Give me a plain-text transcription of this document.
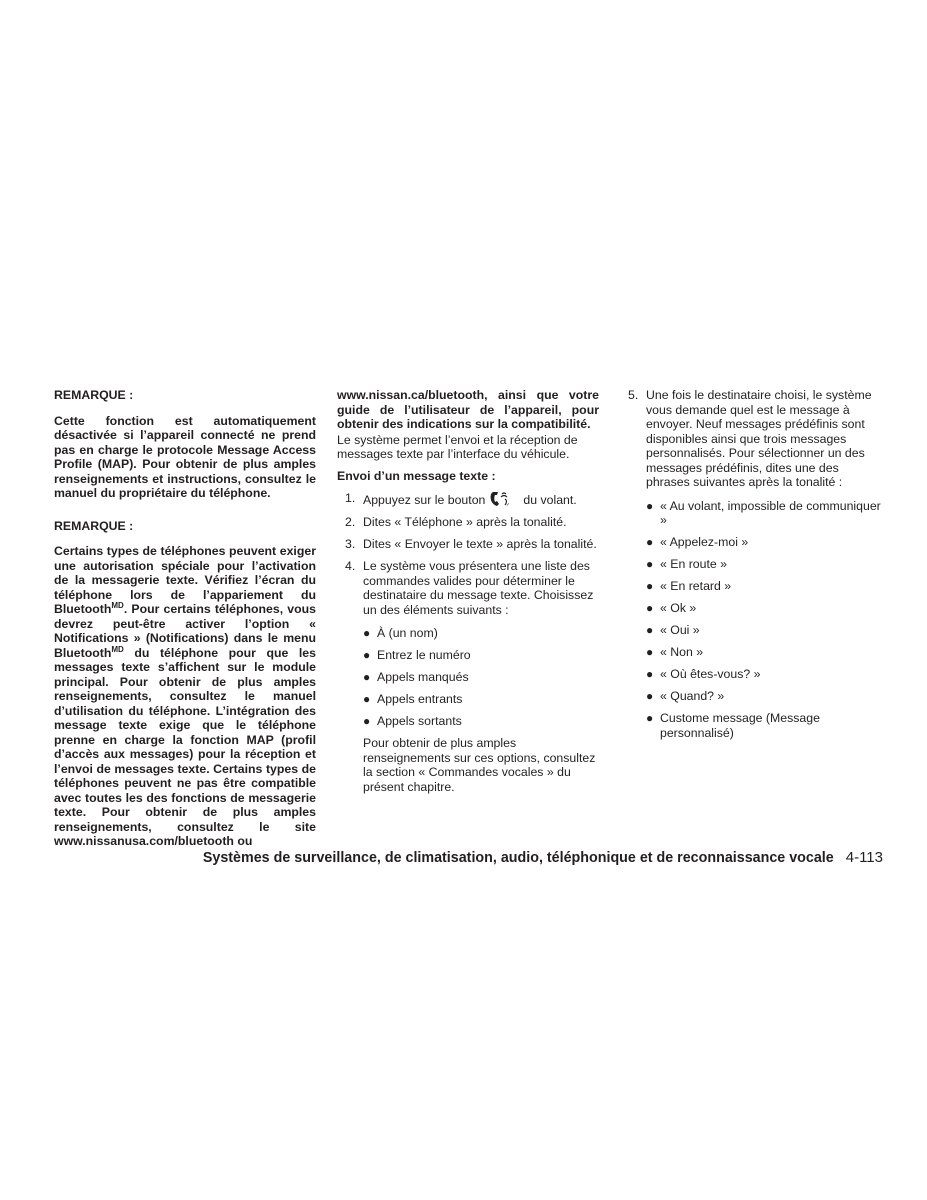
REMARQUE :
Cette fonction est automatiquement désactivée si l’appareil connecté ne prend pas en charge le protocole Message Access Profile (MAP). Pour obtenir de plus amples renseignements et instructions, consultez le manuel du propriétaire du téléphone.
REMARQUE :
Certains types de téléphones peuvent exiger une autorisation spéciale pour l’activation de la messagerie texte. Vérifiez l’écran du téléphone lors de l’appariement du Bluetooth$^{MD}$. Pour certains téléphones, vous devrez peut-être activer l’option « Notifications » (Notifications) dans le menu Bluetooth$^{MD}$ du téléphone pour que les messages texte s’affichent sur le module principal. Pour obtenir de plus amples renseignements, consultez le manuel d’utilisation du téléphone. L’intégration des message texte exige que le téléphone prenne en charge la fonction MAP (profil d’accès aux messages) pour la réception et l’envoi de messages texte. Certains types de téléphones peuvent ne pas être compatible avec toutes les des fonctions de messagerie texte. Pour obtenir de plus amples renseignements, consultez le site www.nissanusa.com/bluetooth ou
www.nissan.ca/bluetooth, ainsi que votre guide de l’utilisateur de l’appareil, pour obtenir des indications sur la compatibilité.
Le système permet l’envoi et la réception de messages texte par l’interface du véhicule.
Envoi d’un message texte :
1. Appuyez sur le bouton	✓ du volant.
2. Dites « Téléphone » après la tonalité.
3. Dites « Envoyer le texte » après la tonalité.
4. Le système vous présentera une liste des commandes valides pour déterminer le destinataire du message texte. Choisissez un des éléments suivants :
● À (un nom)
● Entrez le numéro
● Appels manqués
● Appels entrants
● Appels sortants
Pour obtenir de plus amples renseignements sur ces options, consultez la section « Commandes vocales » du présent chapitre.
5. Une fois le destinataire choisi, le système vous demande quel est le message à envoyer. Neuf messages prédéfinis sont disponibles ainsi que trois messages personnalisés. Pour sélectionner un des messages prédéfinis, dites une des phrases suivantes après la tonalité :
● « Au volant, impossible de communiquer »
● « Appelez-moi »
● « En route »
● « En retard »
● « Ok »
● « Oui »
● « Non »
● « Où êtes-vous? »
● « Quand? »
● Custome message (Message personnalisé)
Systèmes de surveillance, de climatisation, audio, téléphonique et de reconnaissance vocale 4-113
